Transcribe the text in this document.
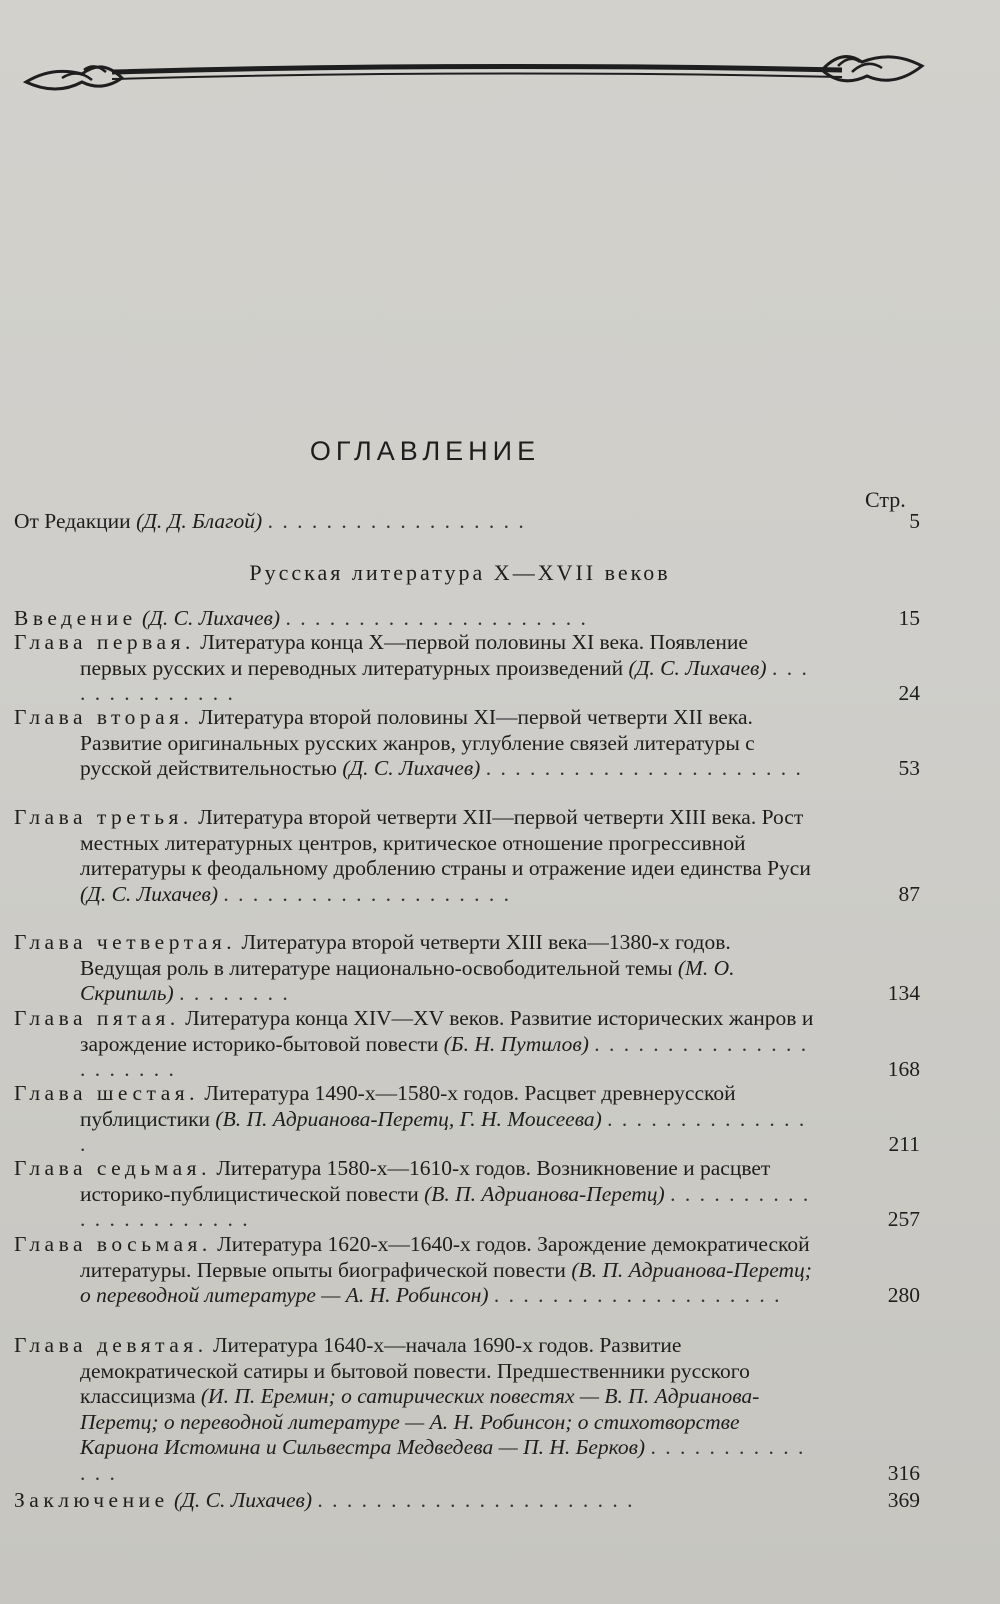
ОГЛАВЛЕНИЕ
Стр.
От Редакции (Д. Д. Благой) . . . . . . . . . . . . . . . . . .	5
Русская литература X—XVII веков
Введение (Д. С. Лихачев) . . . . . . . . . . . . . . . . . . . . .	15
Глава первая. Литература конца X—первой половины XI века. Появление первых русских и переводных литературных произведений (Д. С. Лихачев) . . . . . . . . . . . . . .	24
Глава вторая. Литература второй половины XI—первой четверти XII века. Развитие оригинальных русских жанров, углубление связей литературы с русской действительностью (Д. С. Лихачев) . . . . . . . . . . . . . . . . . . . . . .	53
Глава третья. Литература второй четверти XII—первой четверти XIII века. Рост местных литературных центров, критическое отношение прогрессивной литературы к феодальному дроблению страны и отражение идеи единства Руси (Д. С. Лихачев) . . . . . . . . . . . . . . . . . . . .	87
Глава четвертая. Литература второй четверти XIII века—1380-х годов. Ведущая роль в литературе национально-освободительной темы (М. О. Скрипиль) . . . . . . . .	134
Глава пятая. Литература конца XIV—XV веков. Развитие исторических жанров и зарождение историко-бытовой повести (Б. Н. Путилов) . . . . . . . . . . . . . . . . . . . . . .	168
Глава шестая. Литература 1490-х—1580-х годов. Расцвет древнерусской публицистики (В. П. Адрианова-Перетц, Г. Н. Моисеева) . . . . . . . . . . . . . . .	211
Глава седьмая. Литература 1580-х—1610-х годов. Возникновение и расцвет историко-публицистической повести (В. П. Адрианова-Перетц) . . . . . . . . . . . . . . . . . . . . . .	257
Глава восьмая. Литература 1620-х—1640-х годов. Зарождение демократической литературы. Первые опыты биографической повести (В. П. Адрианова-Перетц; о переводной литературе — А. Н. Робинсон) . . . . . . . . . . . . . . . . . . . .	280
Глава девятая. Литература 1640-х—начала 1690-х годов. Развитие демократической сатиры и бытовой повести. Предшественники русского классицизма (И. П. Еремин; о сатирических повестях — В. П. Адрианова-Перетц; о переводной литературе — А. Н. Робинсон; о стихотворстве Кариона Истомина и Сильвестра Медведева — П. Н. Берков) . . . . . . . . . . . . . .	316
Заключение (Д. С. Лихачев) . . . . . . . . . . . . . . . . . . . . . .	369
